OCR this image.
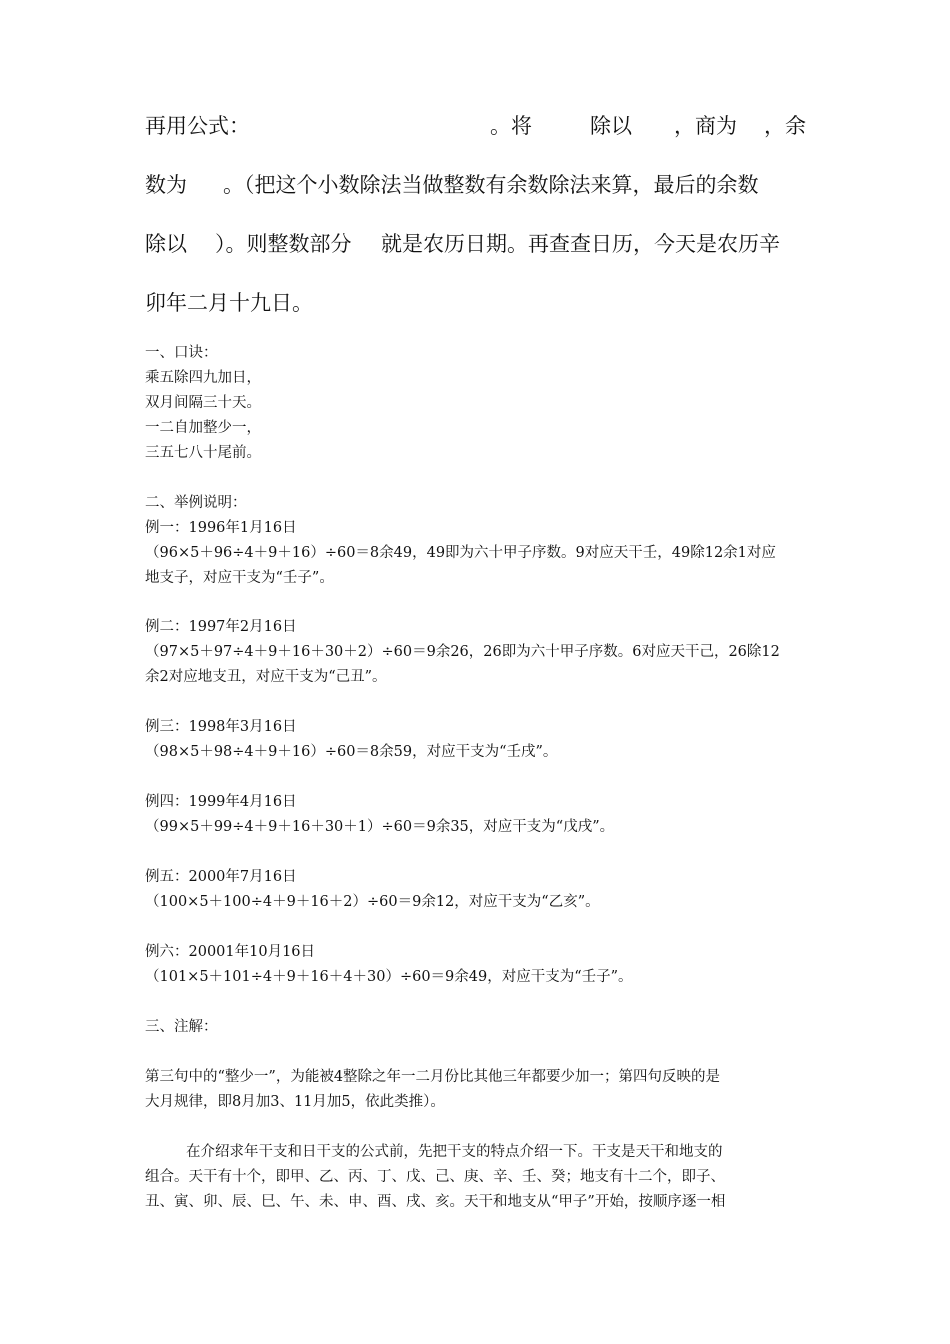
再用公式：	。将	除以 ，商为 ，余
数为 。（把这个小数除法当做整数有余数除法来算，最后的余数
除以 ）。则整数部分 就是农历日期。再查查日历，今天是农历辛
卯年二月十九日。
一、口诀：
乘五除四九加日，
双月间隔三十天。
一二自加整少一，
三五七八十尾前。
二、举例说明：
例一：1996年1月16日
（96×5＋96÷4＋9＋16）÷60＝8余49，49即为六十甲子序数。9对应天干壬，49除12余1对应
地支子，对应干支为“壬子”。
例二：1997年2月16日
（97×5＋97÷4＋9＋16＋30＋2）÷60＝9余26，26即为六十甲子序数。6对应天干己，26除12
余2对应地支丑，对应干支为“己丑”。
例三：1998年3月16日
（98×5＋98÷4＋9＋16）÷60＝8余59，对应干支为“壬戌”。
例四：1999年4月16日
（99×5＋99÷4＋9＋16＋30＋1）÷60＝9余35，对应干支为“戊戌”。
例五：2000年7月16日
（100×5＋100÷4＋9＋16＋2）÷60＝9余12，对应干支为“乙亥”。
例六：20001年10月16日
（101×5＋101÷4＋9＋16＋4＋30）÷60＝9余49，对应干支为“壬子”。
三、注解：
第三句中的“整少一”，为能被4整除之年一二月份比其他三年都要少加一；第四句反映的是
大月规律，即8月加3、11月加5，依此类推）。
在介绍求年干支和日干支的公式前，先把干支的特点介绍一下。干支是天干和地支的
组合。天干有十个，即甲、乙、丙、丁、戊、己、庚、辛、壬、癸；地支有十二个，即子、
丑、寅、卯、辰、巳、午、未、申、酉、戌、亥。天干和地支从“甲子”开始，按顺序逐一相
